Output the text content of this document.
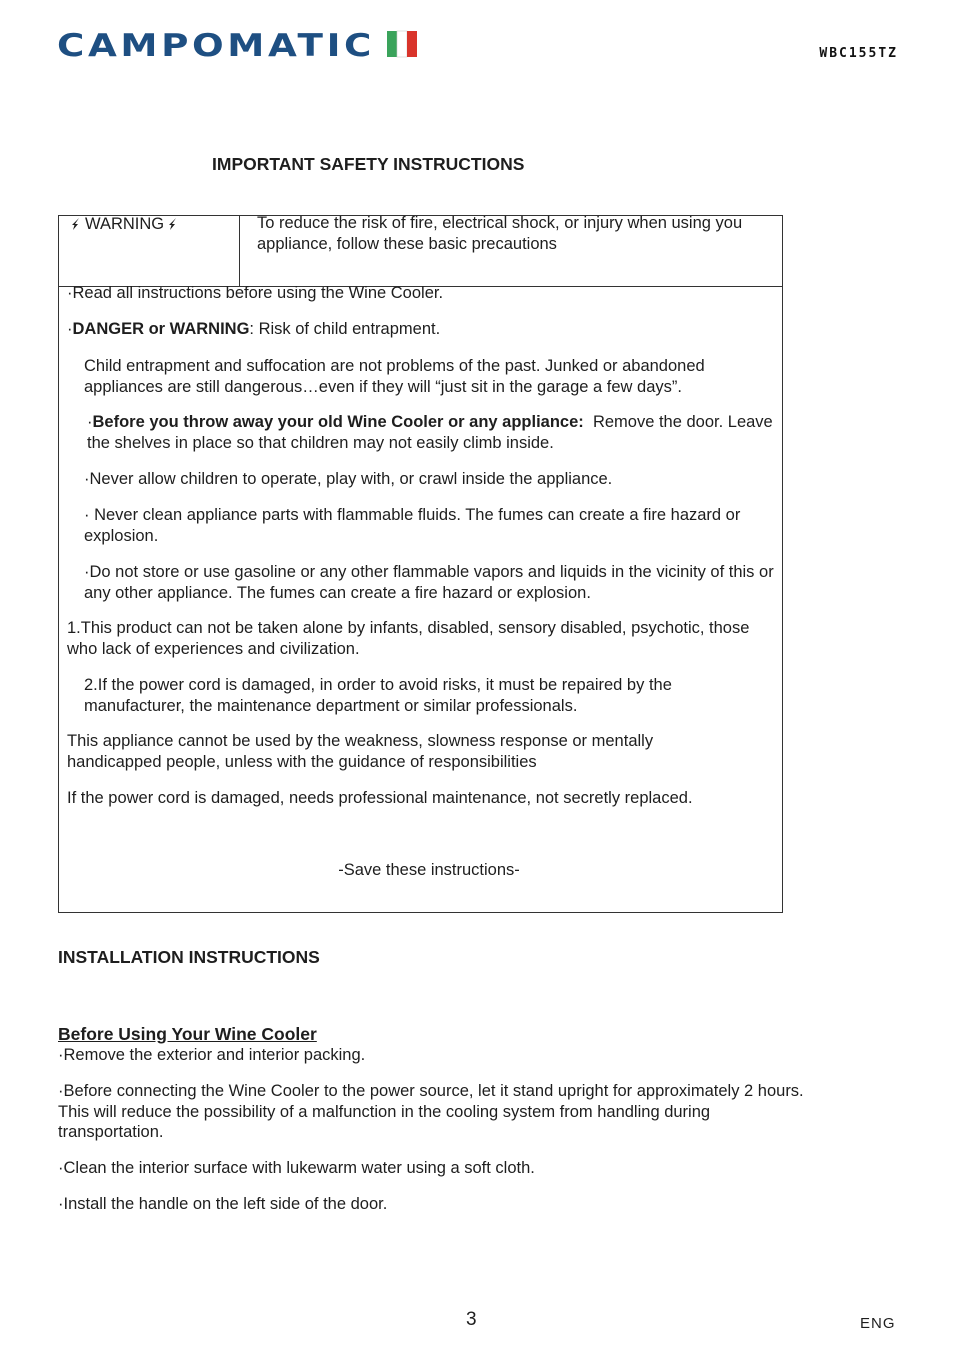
CAMPOMATIC	WBC155TZ
IMPORTANT SAFETY INSTRUCTIONS
WARNING	To reduce the risk of fire, electrical shock, or injury when using you appliance, follow these basic precautions
·Read all instructions before using the Wine Cooler.
·DANGER or WARNING: Risk of child entrapment.
Child entrapment and suffocation are not problems of the past. Junked or abandoned appliances are still dangerous…even if they will “just sit in the garage a few days”.
·Before you throw away your old Wine Cooler or any appliance:  Remove the door. Leave the shelves in place so that children may not easily climb inside.
·Never allow children to operate, play with, or crawl inside the appliance.
· Never clean appliance parts with flammable fluids. The fumes can create a fire hazard or explosion.
·Do not store or use gasoline or any other flammable vapors and liquids in the vicinity of this or any other appliance. The fumes can create a fire hazard or explosion.
1.This product can not be taken alone by infants, disabled, sensory disabled, psychotic, those who lack of experiences and civilization.
2.If the power cord is damaged, in order to avoid risks, it must be repaired by the manufacturer, the maintenance department or similar professionals.
This appliance cannot be used by the weakness, slowness response or mentally handicapped people, unless with the guidance of responsibilities
If the power cord is damaged, needs professional maintenance, not secretly replaced.
-Save these instructions-
INSTALLATION INSTRUCTIONS
Before Using Your Wine Cooler
·Remove the exterior and interior packing.
·Before connecting the Wine Cooler to the power source, let it stand upright for approximately 2 hours. This will reduce the possibility of a malfunction in the cooling system from handling during transportation.
·Clean the interior surface with lukewarm water using a soft cloth.
·Install the handle on the left side of the door.
3	ENG
